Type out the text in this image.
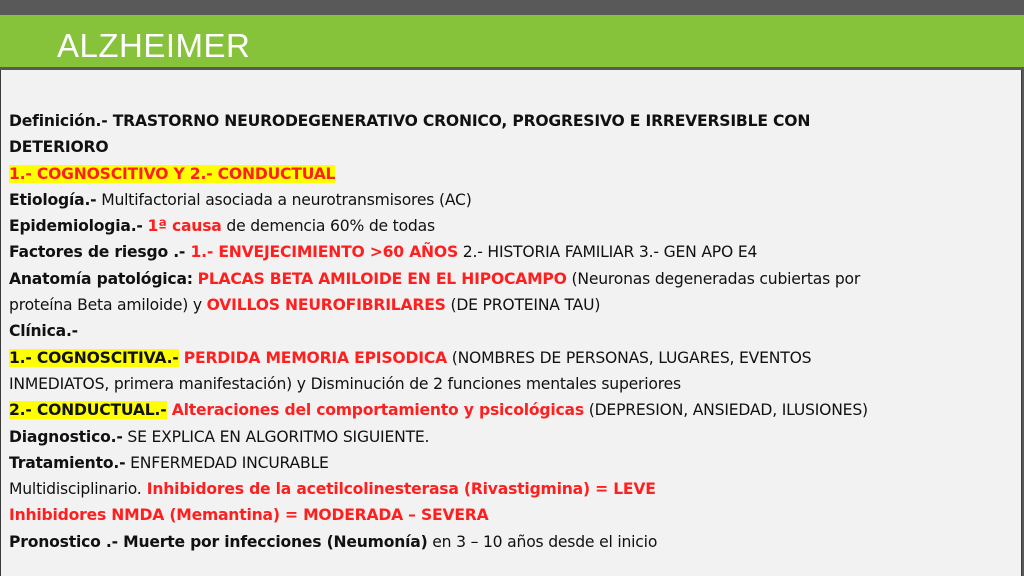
ALZHEIMER
Definición.- TRASTORNO NEURODEGENERATIVO CRONICO, PROGRESIVO E IRREVERSIBLE CON
DETERIORO
1.- COGNOSCITIVO Y 2.- CONDUCTUAL
Etiología.- Multifactorial asociada a neurotransmisores (AC)
Epidemiologia.- 1ª causa de demencia 60% de todas
Factores de riesgo .- 1.- ENVEJECIMIENTO >60 AÑOS 2.- HISTORIA FAMILIAR 3.- GEN APO E4
Anatomía patológica: PLACAS BETA AMILOIDE EN EL HIPOCAMPO (Neuronas degeneradas cubiertas por
proteína Beta amiloide) y OVILLOS NEUROFIBRILARES (DE PROTEINA TAU)
Clínica.-
1.- COGNOSCITIVA.- PERDIDA MEMORIA EPISODICA (NOMBRES DE PERSONAS, LUGARES, EVENTOS
INMEDIATOS, primera manifestación) y Disminución de 2 funciones mentales superiores
2.- CONDUCTUAL.- Alteraciones del comportamiento y psicológicas (DEPRESION, ANSIEDAD, ILUSIONES)
Diagnostico.- SE EXPLICA EN ALGORITMO SIGUIENTE.
Tratamiento.- ENFERMEDAD INCURABLE
Multidisciplinario. Inhibidores de la acetilcolinesterasa (Rivastigmina) = LEVE
Inhibidores NMDA (Memantina) = MODERADA – SEVERA
Pronostico .- Muerte por infecciones (Neumonía) en 3 – 10 años desde el inicio
